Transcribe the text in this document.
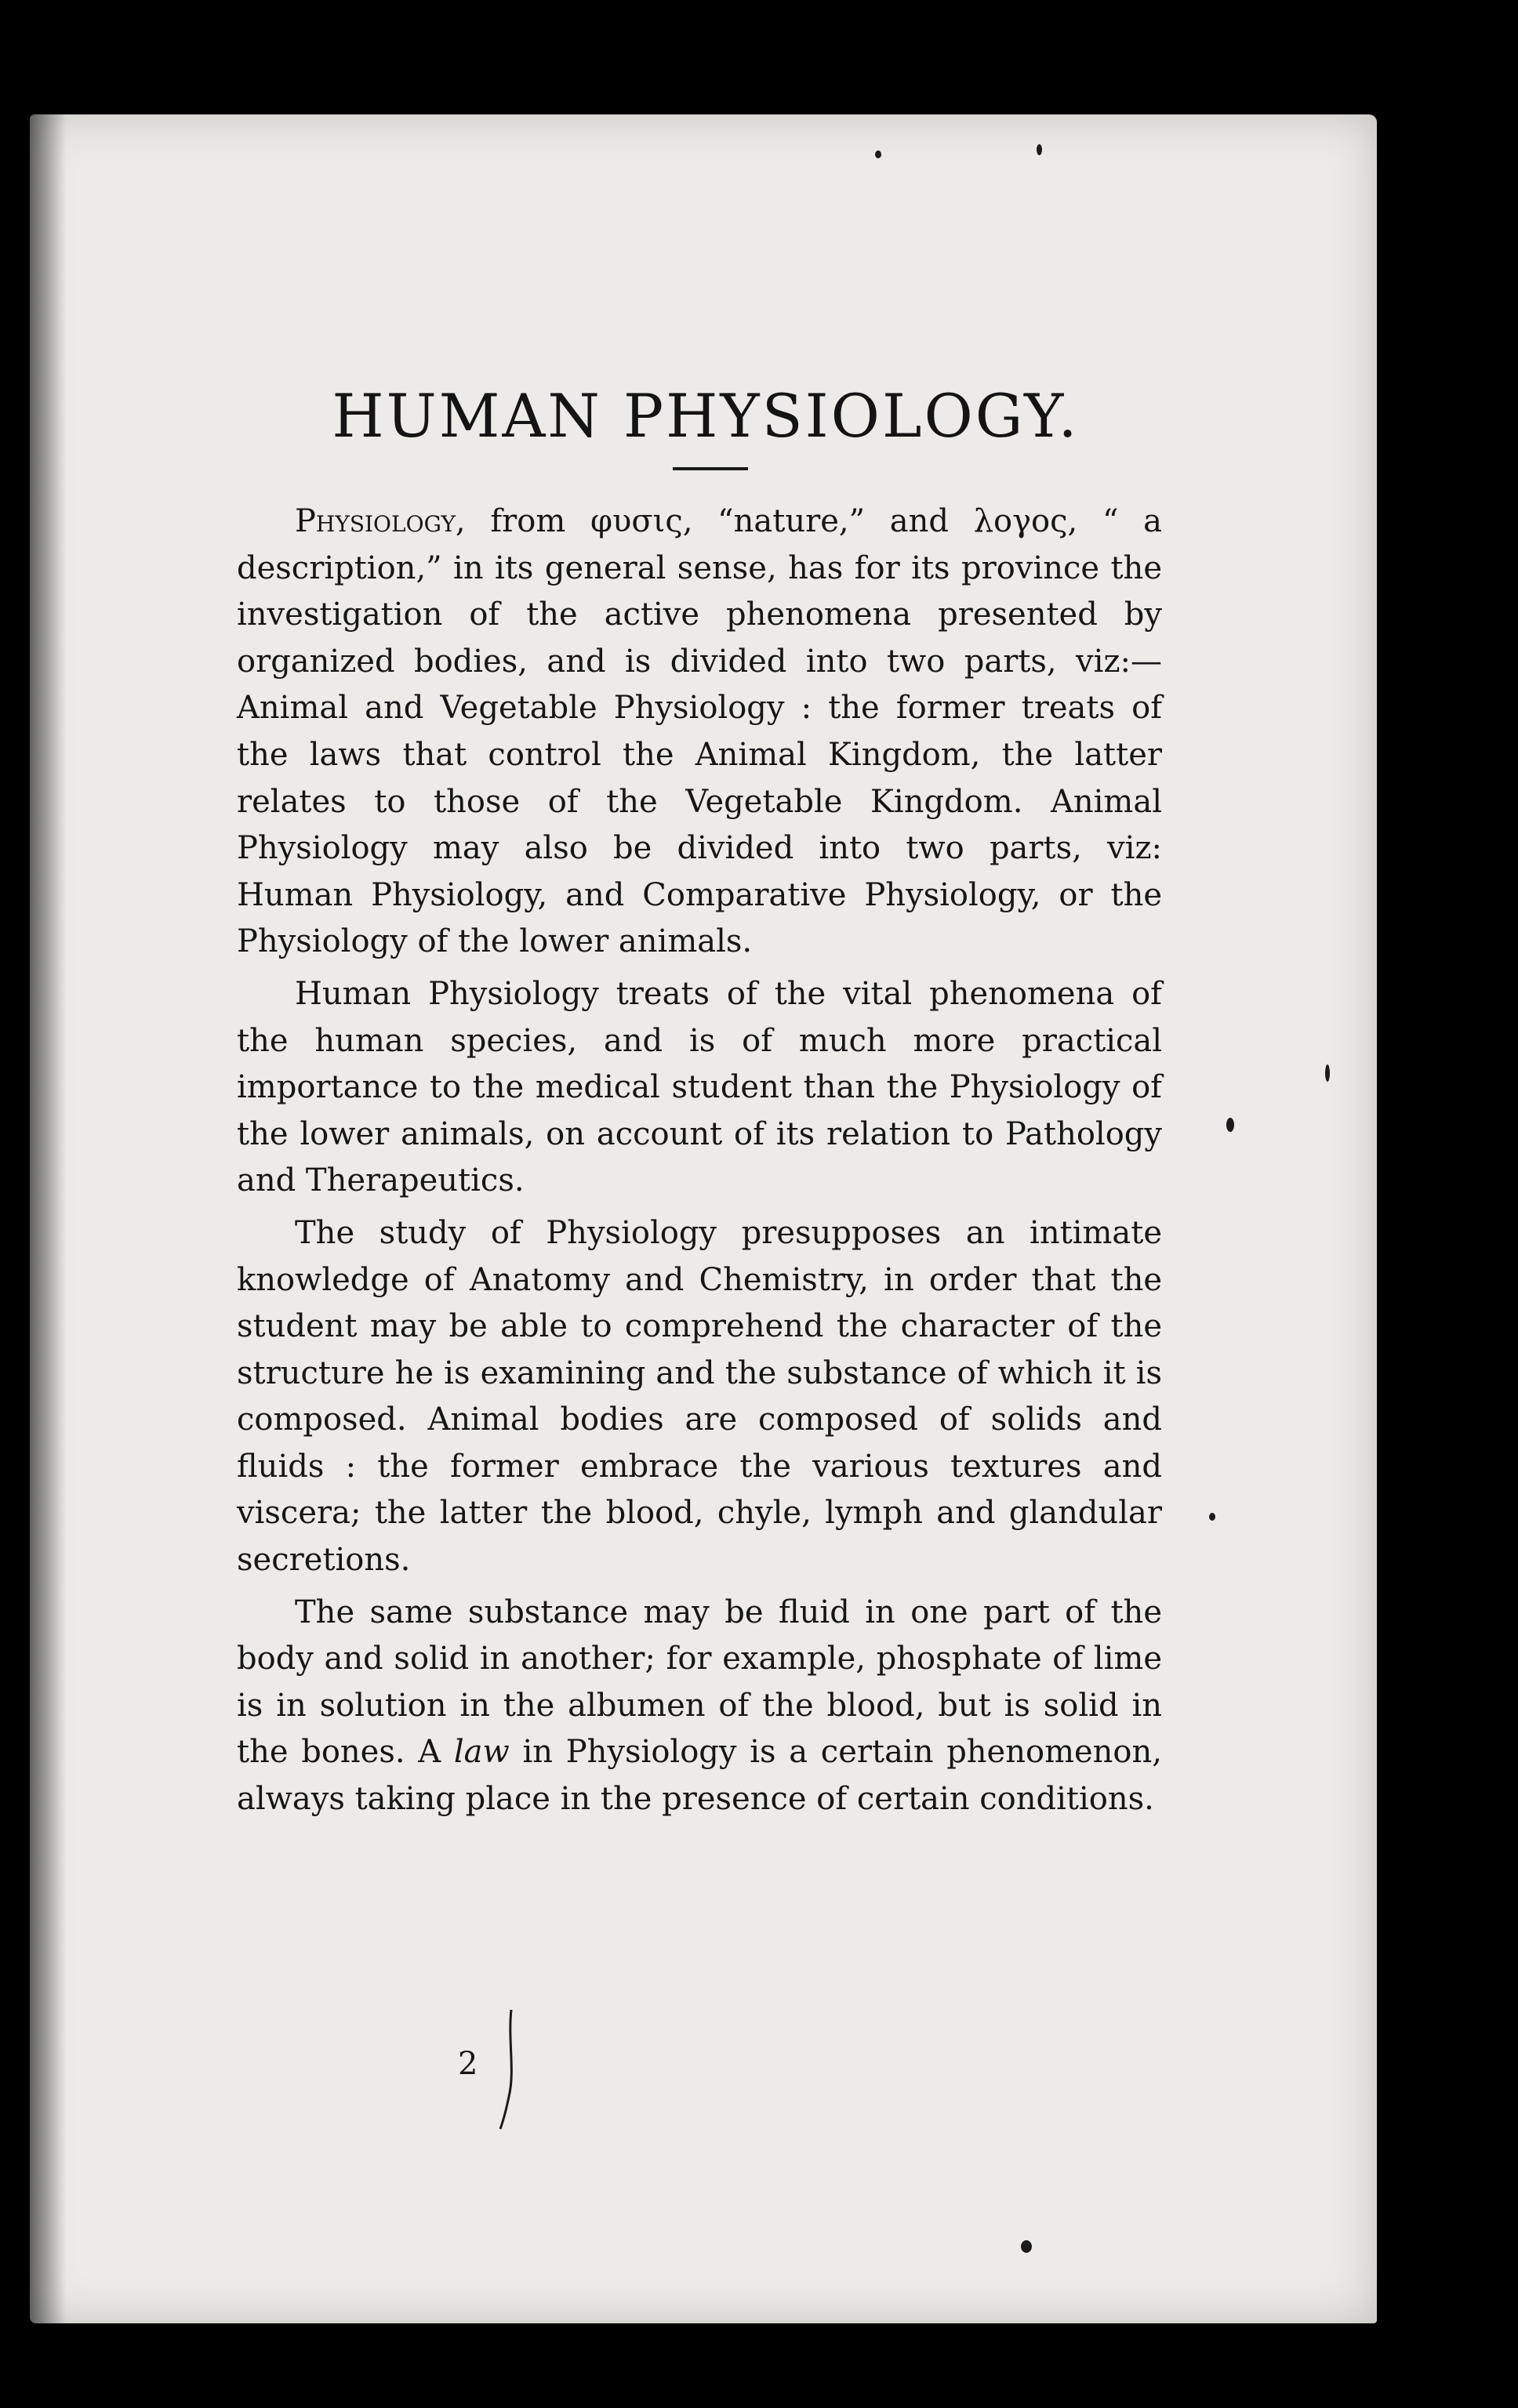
HUMAN PHYSIOLOGY.

Physiology, from φυσις, “nature,” and λογος, “ a description,” in its general sense, has for its province the investigation of the active phenomena presented by organized bodies, and is divided into two parts, viz:— Animal and Vegetable Physiology : the former treats of the laws that control the Animal Kingdom, the latter relates to those of the Vegetable Kingdom. Animal Physiology may also be divided into two parts, viz: Human Physiology, and Comparative Physiology, or the Physiology of the lower animals.

Human Physiology treats of the vital phenomena of the human species, and is of much more practical importance to the medical student than the Physiology of the lower animals, on account of its relation to Pathology and Therapeutics.

The study of Physiology presupposes an intimate knowledge of Anatomy and Chemistry, in order that the student may be able to comprehend the character of the structure he is examining and the substance of which it is composed. Animal bodies are composed of solids and fluids : the former embrace the various textures and viscera; the latter the blood, chyle, lymph and glandular secretions.

The same substance may be fluid in one part of the body and solid in another; for example, phosphate of lime is in solution in the albumen of the blood, but is solid in the bones. A law in Physiology is a certain phenomenon, always taking place in the presence of certain conditions.

2
